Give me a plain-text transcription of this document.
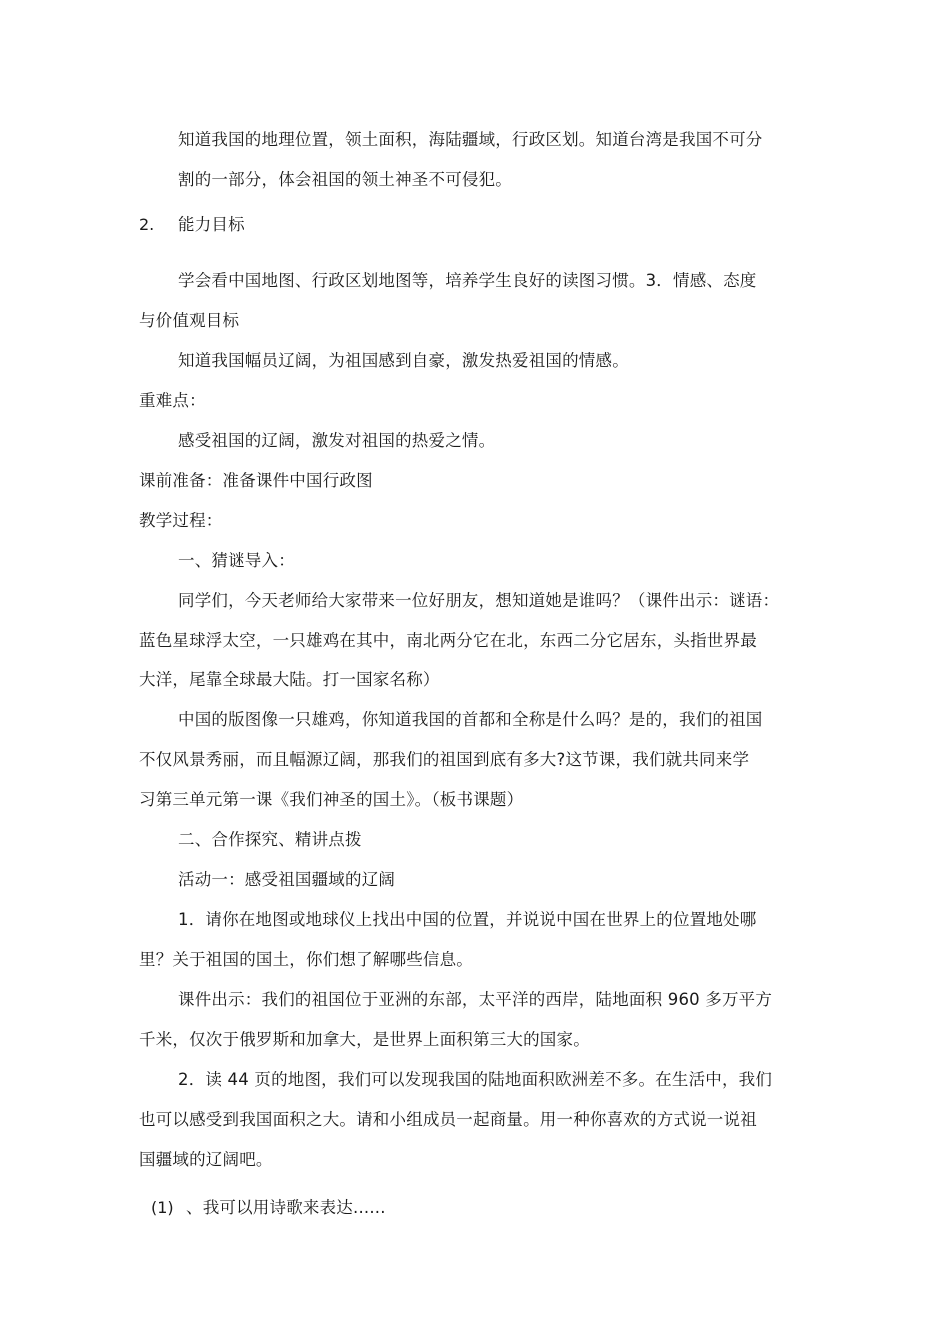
知道我国的地理位置，领土面积，海陆疆域，行政区划。知道台湾是我国不可分
割的一部分，体会祖国的领土神圣不可侵犯。
2. 能力目标
学会看中国地图、行政区划地图等，培养学生良好的读图习惯。3．情感、态度
与价值观目标
知道我国幅员辽阔，为祖国感到自豪，激发热爱祖国的情感。
重难点：
感受祖国的辽阔，激发对祖国的热爱之情。
课前准备：准备课件中国行政图
教学过程：
一、猜谜导入：
同学们，今天老师给大家带来一位好朋友，想知道她是谁吗？（课件出示：谜语：
蓝色星球浮太空，一只雄鸡在其中，南北两分它在北，东西二分它居东，头指世界最
大洋，尾靠全球最大陆。打一国家名称）
中国的版图像一只雄鸡，你知道我国的首都和全称是什么吗？是的，我们的祖国
不仅风景秀丽，而且幅源辽阔，那我们的祖国到底有多大?这节课，我们就共同来学
习第三单元第一课《我们神圣的国土》。（板书课题）
二、合作探究、精讲点拨
活动一：感受祖国疆域的辽阔
1．请你在地图或地球仪上找出中国的位置，并说说中国在世界上的位置地处哪
里？关于祖国的国土，你们想了解哪些信息。
课件出示：我们的祖国位于亚洲的东部，太平洋的西岸，陆地面积 960 多万平方
千米，仅次于俄罗斯和加拿大，是世界上面积第三大的国家。
2．读 44 页的地图，我们可以发现我国的陆地面积欧洲差不多。在生活中，我们
也可以感受到我国面积之大。请和小组成员一起商量。用一种你喜欢的方式说一说祖
国疆域的辽阔吧。
(1) 、我可以用诗歌来表达......
